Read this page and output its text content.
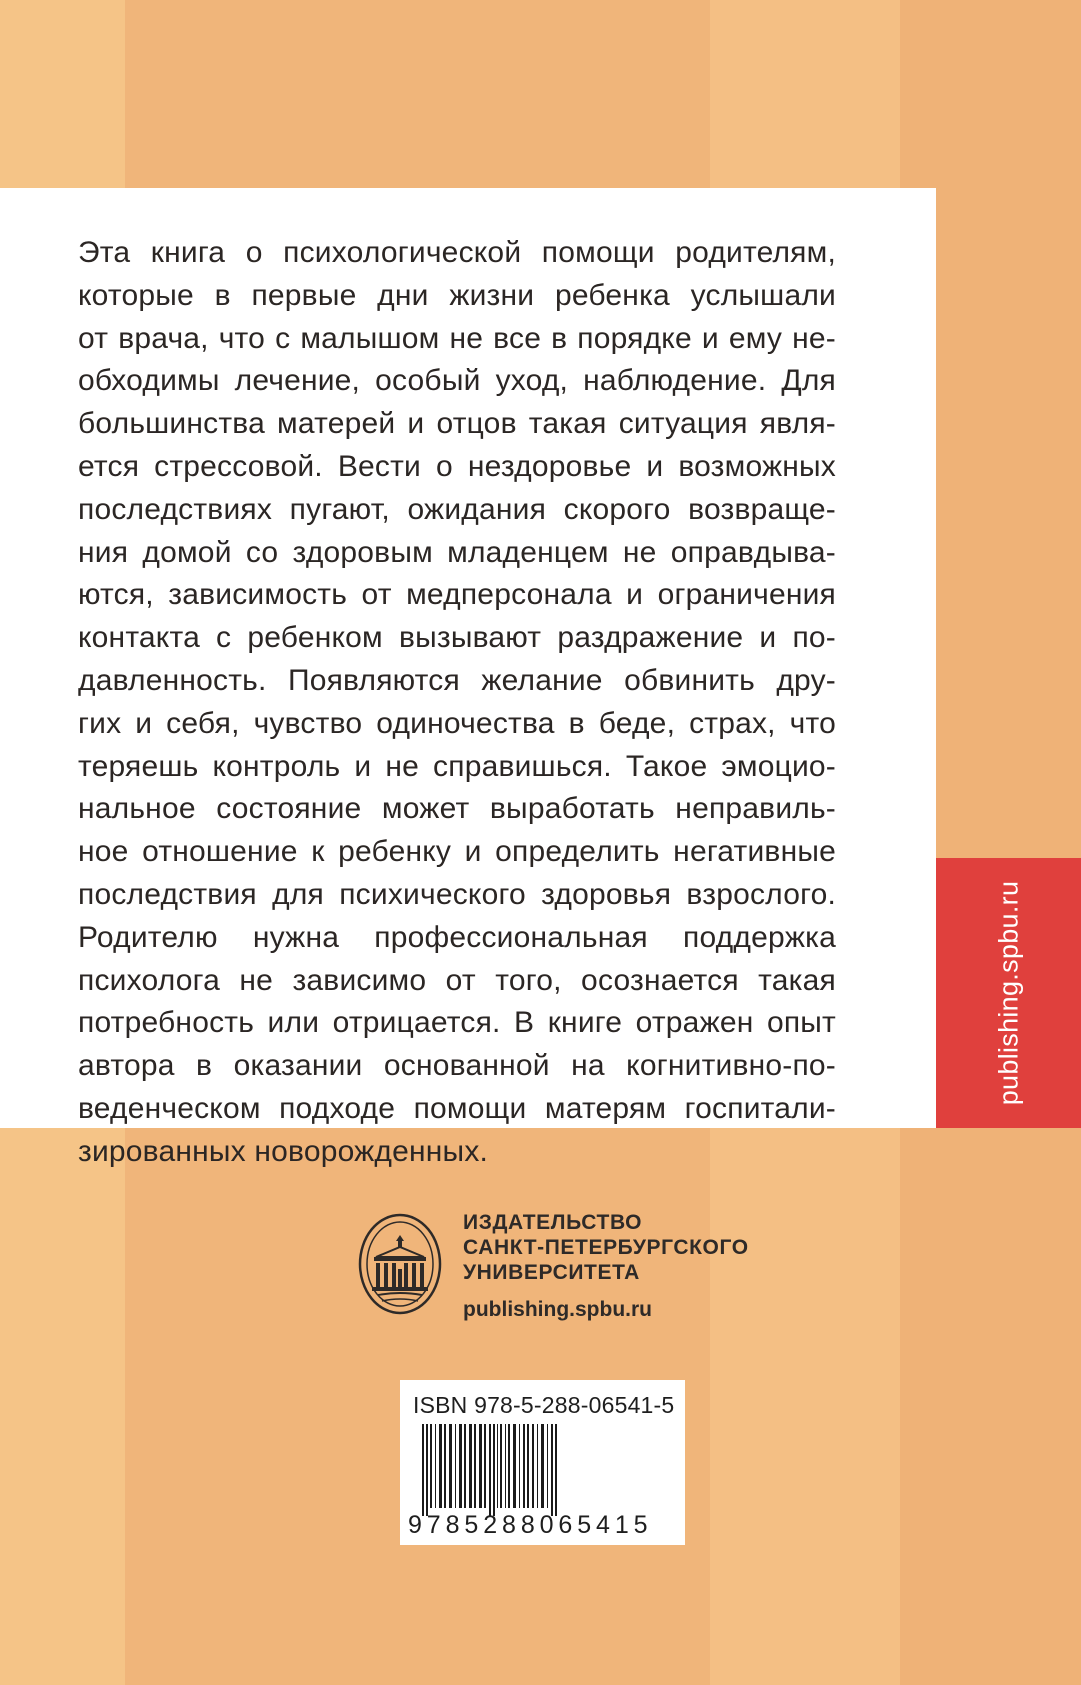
Эта книга о психологической помощи родителям,
которые в первые дни жизни ребенка услышали
от врача, что с малышом не все в порядке и ему не-
обходимы лечение, особый уход, наблюдение. Для
большинства матерей и отцов такая ситуация явля-
ется стрессовой. Вести о нездоровье и возможных
последствиях пугают, ожидания скорого возвраще-
ния домой со здоровым младенцем не оправдыва-
ются, зависимость от медперсонала и ограничения
контакта с ребенком вызывают раздражение и по-
давленность. Появляются желание обвинить дру-
гих и себя, чувство одиночества в беде, страх, что
теряешь контроль и не справишься. Такое эмоцио-
нальное состояние может выработать неправиль-
ное отношение к ребенку и определить негативные
последствия для психического здоровья взрослого.
Родителю нужна профессиональная поддержка
психолога не зависимо от того, осознается такая
потребность или отрицается. В книге отражен опыт
автора в оказании основанной на когнитивно-по-
веденческом подходе помощи матерям госпитали-
зированных новорожденных.

publishing.spbu.ru
ИЗДАТЕЛЬСТВО
САНКТ-ПЕТЕРБУРГСКОГО
УНИВЕРСИТЕТА
publishing.spbu.ru
ISBN 978-5-288-06541-5
9785288065415
